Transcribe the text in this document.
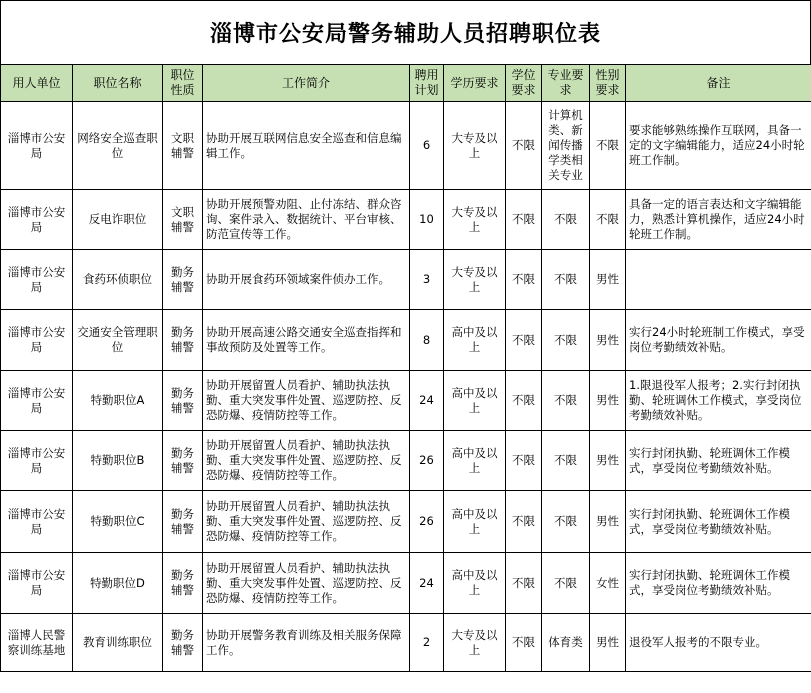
淄博市公安局警务辅助人员招聘职位表
用人单位	职位名称	职位性质	工作简介	聘用计划	学历要求	学位要求	专业要求	性别要求	备注
淄博市公安局	网络安全巡查职位	文职辅警	协助开展互联网信息安全巡查和信息编辑工作。	6	大专及以上	不限	计算机类、新闻传播学类相关专业	不限	要求能够熟练操作互联网，具备一定的文字编辑能力，适应24小时轮班工作制。
淄博市公安局	反电诈职位	文职辅警	协助开展预警劝阻、止付冻结、群众咨询、案件录入、数据统计、平台审核、防范宣传等工作。	10	大专及以上	不限	不限	不限	具备一定的语言表达和文字编辑能力，熟悉计算机操作，适应24小时轮班工作制。
淄博市公安局	食药环侦职位	勤务辅警	协助开展食药环领域案件侦办工作。	3	大专及以上	不限	不限	男性	
淄博市公安局	交通安全管理职位	勤务辅警	协助开展高速公路交通安全巡查指挥和事故预防及处置等工作。	8	高中及以上	不限	不限	男性	实行24小时轮班制工作模式，享受岗位考勤绩效补贴。
淄博市公安局	特勤职位A	勤务辅警	协助开展留置人员看护、辅助执法执勤、重大突发事件处置、巡逻防控、反恐防爆、疫情防控等工作。	24	高中及以上	不限	不限	男性	1.限退役军人报考；2.实行封闭执勤、轮班调休工作模式，享受岗位考勤绩效补贴。
淄博市公安局	特勤职位B	勤务辅警	协助开展留置人员看护、辅助执法执勤、重大突发事件处置、巡逻防控、反恐防爆、疫情防控等工作。	26	高中及以上	不限	不限	男性	实行封闭执勤、轮班调休工作模式，享受岗位考勤绩效补贴。
淄博市公安局	特勤职位C	勤务辅警	协助开展留置人员看护、辅助执法执勤、重大突发事件处置、巡逻防控、反恐防爆、疫情防控等工作。	26	高中及以上	不限	不限	男性	实行封闭执勤、轮班调休工作模式，享受岗位考勤绩效补贴。
淄博市公安局	特勤职位D	勤务辅警	协助开展留置人员看护、辅助执法执勤、重大突发事件处置、巡逻防控、反恐防爆、疫情防控等工作。	24	高中及以上	不限	不限	女性	实行封闭执勤、轮班调休工作模式，享受岗位考勤绩效补贴。
淄博人民警察训练基地	教育训练职位	勤务辅警	协助开展警务教育训练及相关服务保障工作。	2	大专及以上	不限	体育类	男性	退役军人报考的不限专业。
